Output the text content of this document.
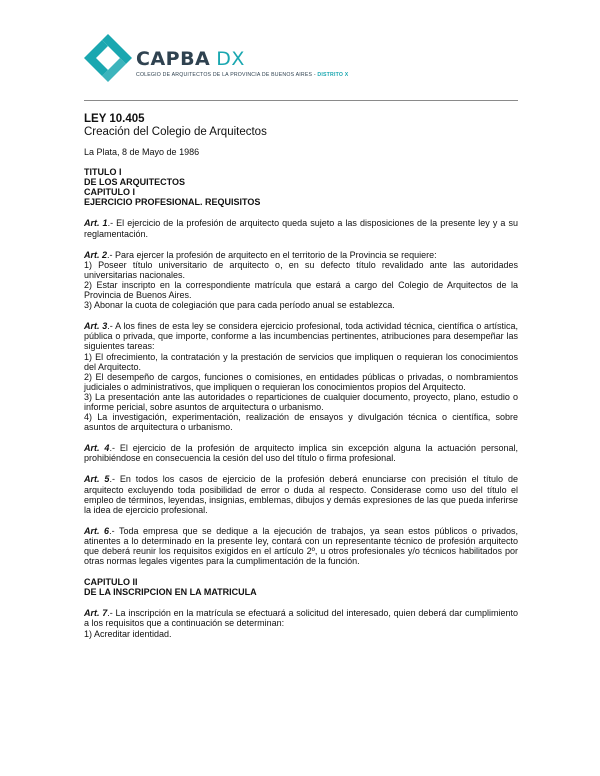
CAPBA DX
COLEGIO DE ARQUITECTOS DE LA PROVINCIA DE BUENOS AIRES - DISTRITO X

LEY 10.405

Creación del Colegio de Arquitectos

La Plata, 8 de Mayo de 1986

TITULO I

DE LOS ARQUITECTOS

CAPITULO I

EJERCICIO PROFESIONAL. REQUISITOS

Art. 1.- El ejercicio de la profesión de arquitecto queda sujeto a las disposiciones de la presente ley y a su reglamentación.
Art. 2.- Para ejercer la profesión de arquitecto en el territorio de la Provincia se requiere:
1) Poseer título universitario de arquitecto o, en su defecto título revalidado ante las autoridades universitarias nacionales.
2) Estar inscripto en la correspondiente matrícula que estará a cargo del Colegio de Arquitectos de la Provincia de Buenos Aires.
3) Abonar la cuota de colegiación que para cada período anual se establezca.
Art. 3.- A los fines de esta ley se considera ejercicio profesional, toda actividad técnica, científica o artística, pública o privada, que importe, conforme a las incumbencias pertinentes, atribuciones para desempeñar las siguientes tareas:
1) El ofrecimiento, la contratación y la prestación de servicios que impliquen o requieran los conocimientos del Arquitecto.
2) El desempeño de cargos, funciones o comisiones, en entidades públicas o privadas, o nombramientos judiciales o administrativos, que impliquen o requieran los conocimientos propios del Arquitecto.
3) La presentación ante las autoridades o reparticiones de cualquier documento, proyecto, plano, estudio o informe pericial, sobre asuntos de arquitectura o urbanismo.
4) La investigación, experimentación, realización de ensayos y divulgación técnica o científica, sobre asuntos de arquitectura o urbanismo.
Art. 4.- El ejercicio de la profesión de arquitecto implica sin excepción alguna la actuación personal, prohibiéndose en consecuencia la cesión del uso del título o firma profesional.
Art. 5.- En todos los casos de ejercicio de la profesión deberá enunciarse con precisión el título de arquitecto excluyendo toda posibilidad de error o duda al respecto. Considerase como uso del título el empleo de términos, leyendas, insignias, emblemas, dibujos y demás expresiones de las que pueda inferirse la idea de ejercicio profesional.
Art. 6.- Toda empresa que se dedique a la ejecución de trabajos, ya sean estos públicos o privados, atinentes a lo determinado en la presente ley, contará con un representante técnico de profesión arquitecto que deberá reunir los requisitos exigidos en el artículo 2º, u otros profesionales y/o técnicos habilitados por otras normas legales vigentes para la cumplimentación de la función.

CAPITULO II

DE LA INSCRIPCION EN LA MATRICULA

Art. 7.- La inscripción en la matrícula se efectuará a solicitud del interesado, quien deberá dar cumplimiento a los requisitos que a continuación se determinan:
1) Acreditar identidad.
